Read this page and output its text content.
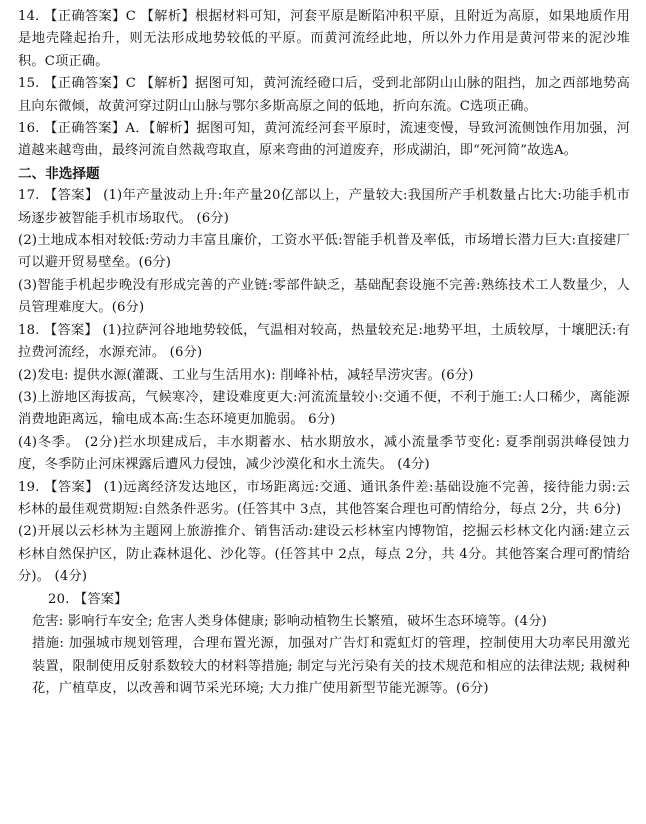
14. 【正确答案】C 【解析】根据材料可知，河套平原是断陷冲积平原，且附近为高原，如果地质作用是地壳隆起抬升，则无法形成地势较低的平原。而黄河流经此地，所以外力作用是黄河带来的泥沙堆积。C项正确。

15. 【正确答案】C 【解析】据图可知，黄河流经磴口后，受到北部阴山山脉的阻挡，加之西部地势高且向东微倾，故黄河穿过阴山山脉与鄂尔多斯高原之间的低地，折向东流。C选项正确。

16. 【正确答案】A．【解析】据图可知，黄河流经河套平原时，流速变慢，导致河流侧蚀作用加强，河道越来越弯曲，最终河流自然裁弯取直，原来弯曲的河道废弃，形成湖泊，即“死河简”故选A。

二、非选择题

17. 【答案】 (1)年产量波动上升:年产量20亿部以上，产量较大:我国所产手机数量占比大:功能手机市场逐步被智能手机市场取代。 (6分)

(2)土地成本相对较低:劳动力丰富且廉价，工资水平低:智能手机普及率低，市场增长潜力巨大:直接建厂可以避开贸易壁垒。(6分)

(3)智能手机起步晚没有形成完善的产业链:零部件缺乏，基础配套设施不完善:熟练技术工人数量少，人员管理难度大。(6分)

18. 【答案】 (1)拉萨河谷地地势较低，气温相对较高，热量较充足:地势平坦，土质较厚，十壤肥沃:有拉费河流经，水源充沛。 (6分)

(2)发电: 提供水源(灌溉、工业与生活用水): 削峰补枯，减轻旱涝灾害。(6分)

(3)上游地区海拔高，气候寒冷，建设难度更大:河流流量较小:交通不便，不利于施工:人口稀少，离能源消费地距离远，输电成本高:生态环境更加脆弱。 6分)

(4)冬季。 (2分)拦水坝建成后，丰水期蓄水、枯水期放水，减小流量季节变化: 夏季削弱洪峰侵蚀力度，冬季防止河床裸露后遭风力侵蚀，减少沙漠化和水土流失。 (4分)

19. 【答案】 (1)远离经济发达地区，市场距离远:交通、通讯条件差:基础设施不完善，接待能力弱:云杉林的最佳观赏期短:自然条件恶劣。(任答其中 3点，其他答案合理也可酌情给分，每点 2分，共 6分)

(2)开展以云杉林为主题网上旅游推介、销售活动:建设云杉林室内博物馆，挖掘云杉林文化内涵:建立云杉林自然保护区，防止森林退化、沙化等。(任答其中 2点，每点 2分，共 4分。其他答案合理可酌情给分)。 (4分)

20. 【答案】

危害: 影响行车安全; 危害人类身体健康; 影响动植物生长繁殖，破坏生态环境等。(4分)

措施: 加强城市规划管理，合理布置光源，加强对广告灯和霓虹灯的管理，控制使用大功率民用激光装置，限制使用反射系数较大的材料等措施; 制定与光污染有关的技术规范和相应的法律法规; 栽树种花，广植草皮，以改善和调节采光环境; 大力推广使用新型节能光源等。(6分)
